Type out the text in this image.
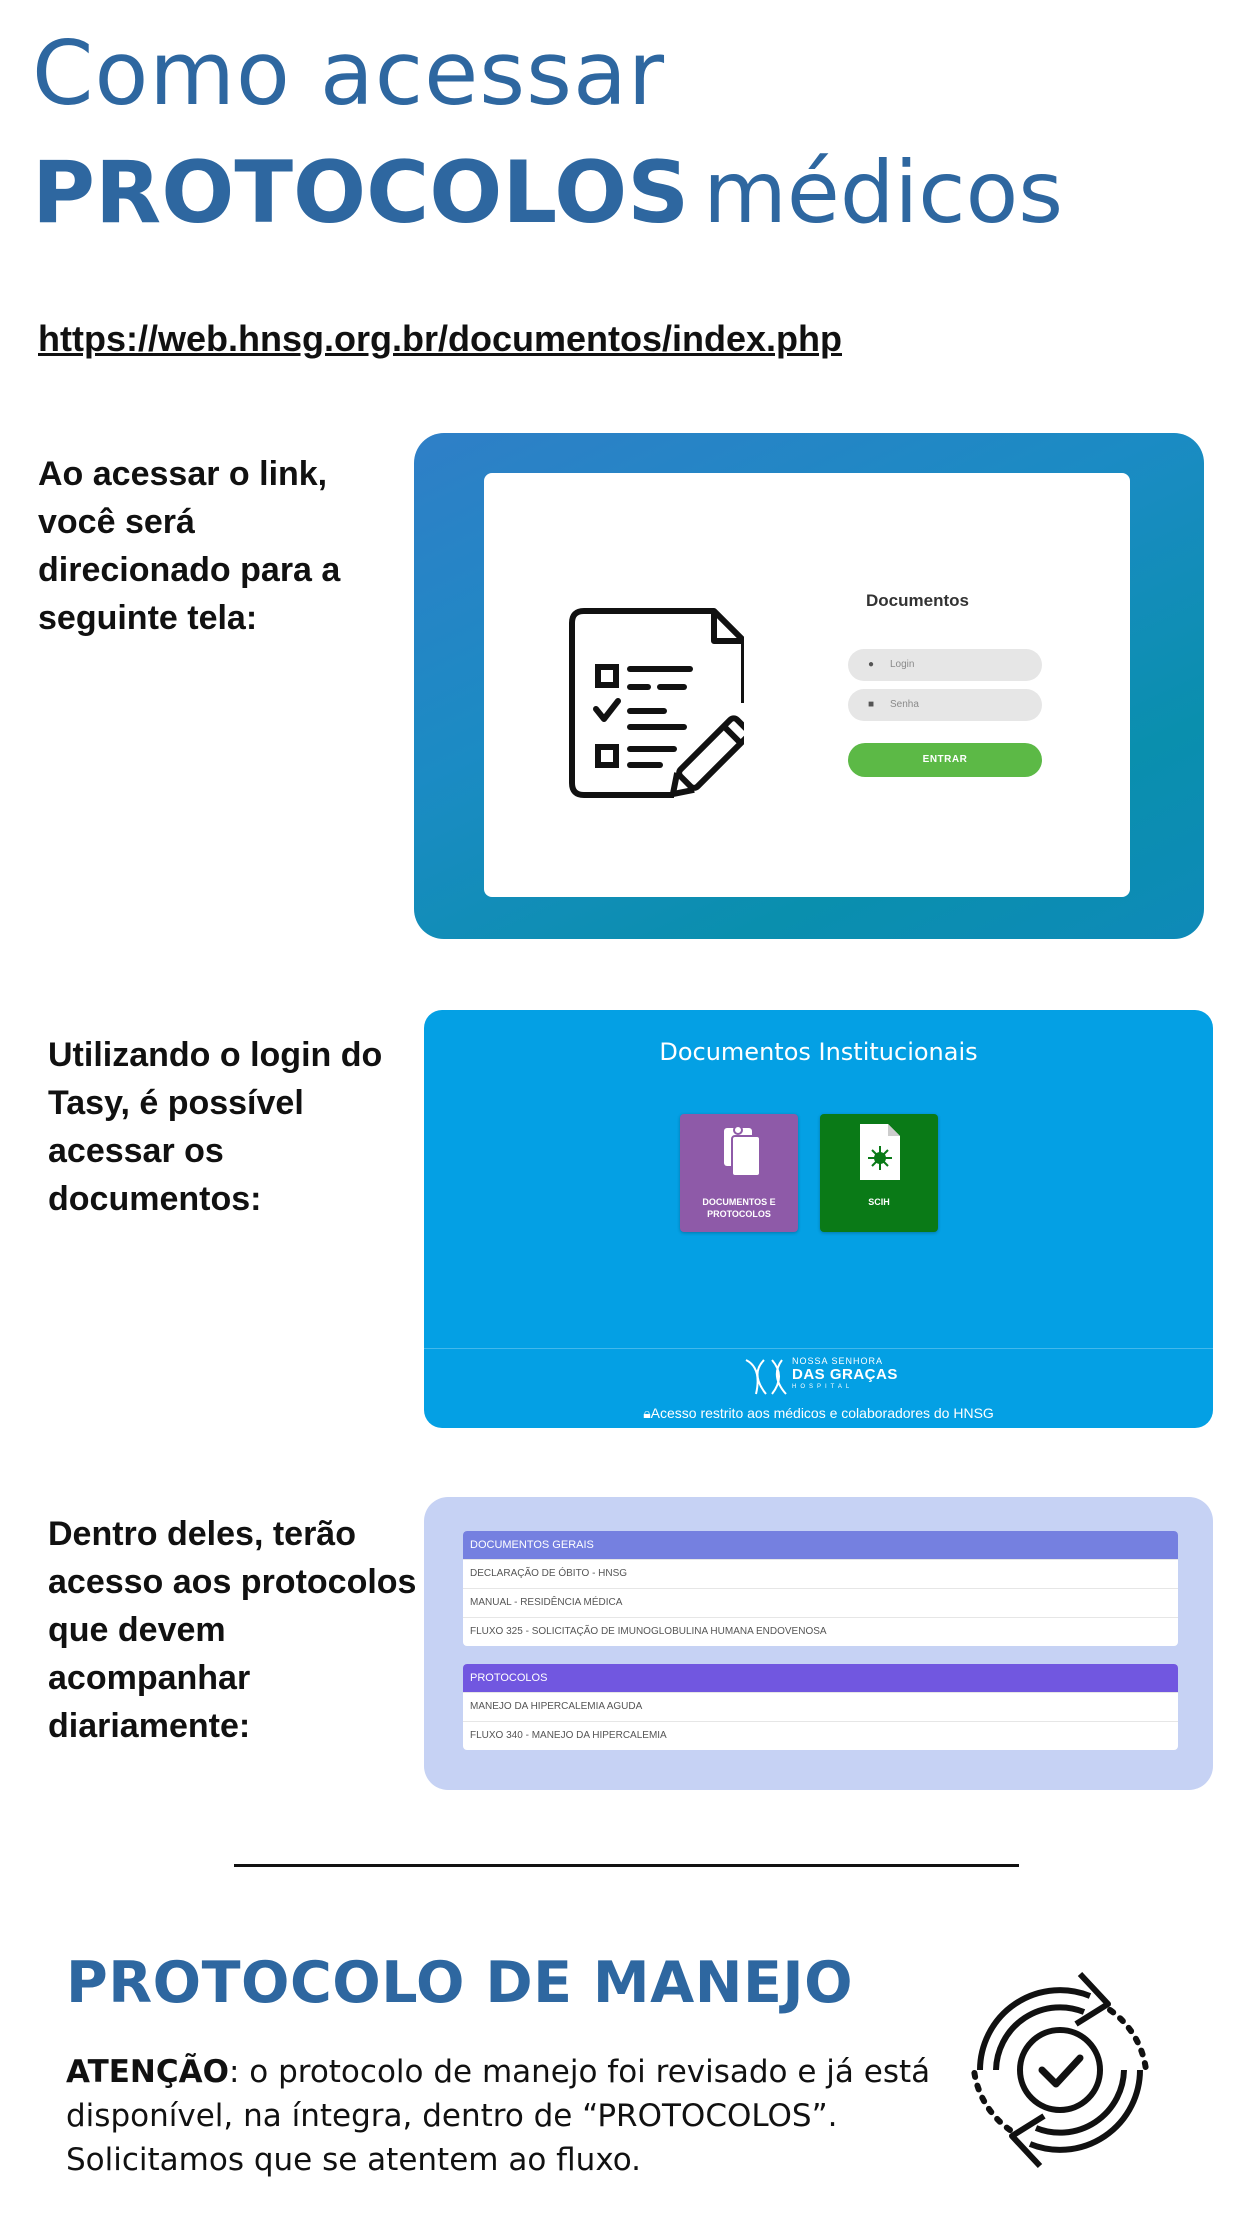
Como acessar
PROTOCOLOS médicos
https://web.hnsg.org.br/documentos/index.php
Ao acessar o link, você será direcionado para a seguinte tela:	Documentos
● Login
■ Senha
ENTRAR
Utilizando o login do Tasy, é possível acessar os documentos:
Documentos Institucionais
DOCUMENTOS E PROTOCOLOS
SCIH
NOSSA SENHORA
DAS GRAÇAS
HOSPITAL
🔒︎Acesso restrito aos médicos e colaboradores do HNSG
Dentro deles, terão acesso aos protocolos que devem acompanhar diariamente:
DOCUMENTOS GERAIS
DECLARAÇÃO DE ÓBITO - HNSG
MANUAL - RESIDÊNCIA MÉDICA
FLUXO 325 - SOLICITAÇÃO DE IMUNOGLOBULINA HUMANA ENDOVENOSA
PROTOCOLOS
MANEJO DA HIPERCALEMIA AGUDA
FLUXO 340 - MANEJO DA HIPERCALEMIA
PROTOCOLO DE MANEJO
ATENÇÃO: o protocolo de manejo foi revisado e já está disponível, na íntegra, dentro de “PROTOCOLOS”. Solicitamos que se atentem ao fluxo.
